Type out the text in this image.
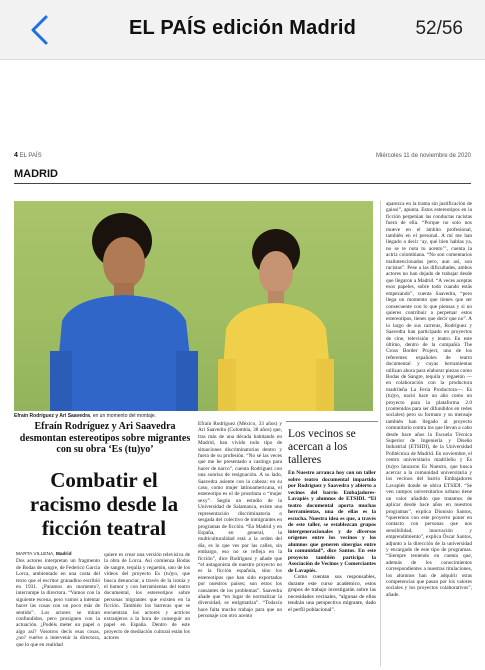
EL PAÍS edición Madrid	52/56
4 EL PAÍS	Miércoles 11 de noviembre de 2020
MADRID
Efraín Rodríguez y Ari Saavedra, en un momento del montaje.
Efraín Rodríguez y Ari Saavedra desmontan estereotipos sobre migrantes con su obra ‘Es (tu)yo’
Combatir el racismo desde la ficción teatral
MARTA VILLENA, Madrid
Dos actores interpretan un fragmento de Bodas de sangre, de Federico García Lorca, ambientado en una costa del texto que el escritor granadino escribió en 1931. ¿Paramos un momento?, interrumpe la directora. “Vamos con la siguiente escena, pero vamos a intentar hacer las cosas con un poco más de sentido”. Los actores se miran confundidos, pero prosiguen con la actuación. ¿Podéis meter un papel o algo así? Vosotros decís esas cosas, ¿no? vuelve a intervenir la directora, que lo que en realidad
quiere es crear una versión televisiva de la obra de Lorca. Así comienza Bodas de sangre, tequila y regaetón, uno de los vídeos del proyecto Es (tu)yo, que busca denunciar, a través de la ironía y el humor y con herramientas del teatro documental, los estereotipos sobre personas migrantes que existen en la ficción. También los barreras que se encuentran los actores y actrices extranjeros a la hora de conseguir un papel en España. Dentro de este proyecto de mediación cultural están los actores
Efraín Rodríguez (México, 33 años) y Ari Saavedra (Colombia, 38 años) que, tras más de una década habitando en Madrid, han vivido todo tipo de situaciones discriminatorias dentro y fuera de su profesión. “No sé las veces que me he presentado a castings para hacer de narco”, cuenta Rodríguez con una sonrisa de resignación. A su lado, Saavedra asiente con la cabeza: en su caso, como mujer latinoamericana, el estereotipo es el de prostituta o “mujer sexy”. Según un estudio de la Universidad de Salamanca, existe una representación discriminatoria o sesgada del colectivo de inmigrantes en programas de ficción. “En Madrid y en España, en general, la multiculturalidad está a la orden del día, es lo que ves por las calles, sin embargo, eso no se refleja en la ficción”, dice Rodríguez y añade que “el antagonista de nuestro proyecto no es la ficción española, sino los estereotipos que han sido exportados por nuestros países; son estos los causantes de los problemas”. Saavedra añade que “en lugar de normalizar la diversidad, se estigmatiza”. “Todavía hace falta mucho trabajo para que un personaje con otro acento
Los vecinos se acercan a los talleres
En Nuestro arranca hoy con un taller sobre teatro documental impartido por Rodríguez y Saavedra y abierto a vecinos del barrio Embajadores-Lavapiés y alumnos de ETSIDI. “El teatro documental aporta muchas herramientas, una de ellas es la escucha. Nuestra idea es que, a través de este taller, se establezcan grupos intergeneracionales y de diversos orígenes entre los vecinos y los alumnos que generen sinergias entre la comunidad”, dice Santos. En este proyecto también participa la Asociación de Vecinos y Comerciantes de Lavapiés.
Como cuentan sus responsables, durante este curso académico, estos grupos de trabajo investigarán sobre las necesidades vecinales, “algunas de ellas tendrán una perspectiva migrante, dado el perfil poblacional”.
aparezca en la trama sin justificación de gaiosi”, apunta. Estos estereotipos en la ficción perpetúan las conductas racistas fuera de ella. “Porque no solo nos mueve en el ámbito profesional, también en el personal. A mí me han llegado a decir ‘ay, qué bien hablas ya, no se te nota tu acento’”, cuenta la actriz colombiana. “No son comentarios malintencionados pero, aun así, son racistas”. Pese a las dificultades, ambos actores no han dejado de trabajar desde que llegaron a Madrid. “A veces aceptas esos papeles, sobre todo cuando estás empezando”, cuenta Saavedra, “pero llega un momento que tienes que ser consecuente con lo que piensas y si no quieres contribuir a perpetuar estos estereotipos, tienes que decir que no”. A lo largo de sus carreras, Rodríguez y Saavedra han participado en proyectos de cine, televisión y teatro. En este último, dentro de la compañía The Cross Border Project, uno de los referentes españoles de teatro documental y cuyas herramientas utilizan ahora para elaborar piezas como Bodas de Sangre, tequila y regaetón —en colaboración con la productora madrileña La Feria Productora—. Es (tu)yo, nació hace un año como un proyecto para la plataforma 2.0 (contenidos para ser difundidos en redes sociales) pero su formato y su mensaje también han llegado al proyecto comunitario contra los que llevan a cabo desde hace años la Escuela Técnica Superior de Ingeniería y Diseño Industrial (ETSIDI), de la Universidad Politécnica de Madrid. En noviembre, el centro universitario madrileño y Es (tu)yo lanzaron Es Nuestro, que busca acercar a la comunidad universitaria y los vecinos del barrio Embajadores Lavapiés donde se ubica ETSIDI. “Se ven campos universitarios urbano tiene un valor añadido que tratamos de aplicar desde hace años en nuestros programas”, explica Dionisio Santos, “queremos con este proyecto poner en contacto con personas que nos sensibilidad, innovación y emprendimiento”, explica Óscar Santos, adjunto a la dirección de la universidad y encargado de este tipo de programas. “Siempre teniendo en cuenta que, además de los conocimientos correspondientes a nuestras titulaciones, los alumnos han de adquirir otras competencias que pasan por los valores sociales y los proyectos colaborativos”, añade.
